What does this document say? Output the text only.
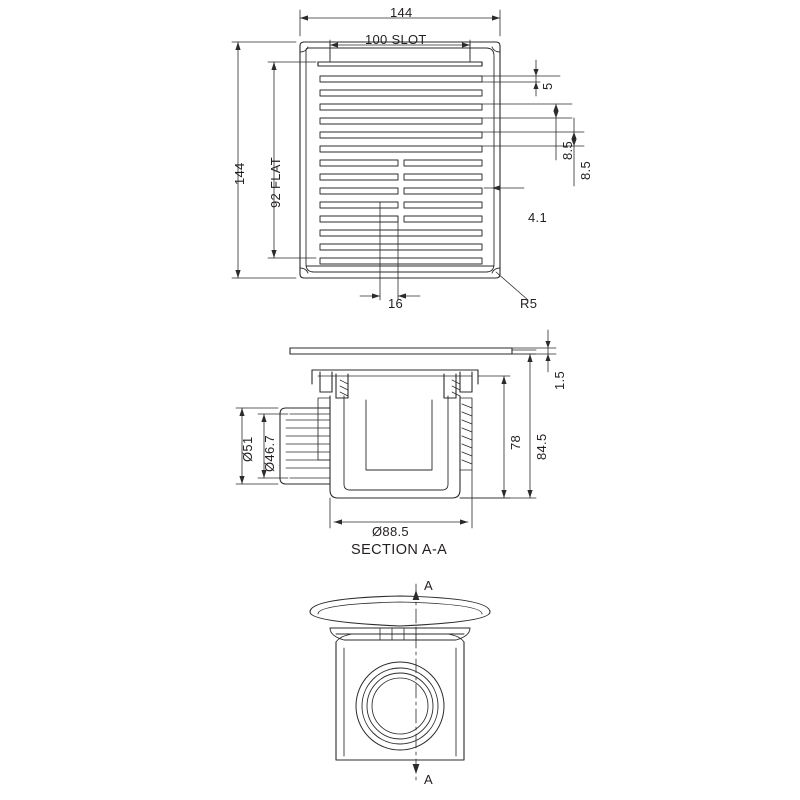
144
100 SLOT
144 92 FLAT
5
8.5
8.5
4.1
16	R5
1.5
78 84.5
Ø51 Ø46.7
Ø88.5
SECTION A-A
A
A
